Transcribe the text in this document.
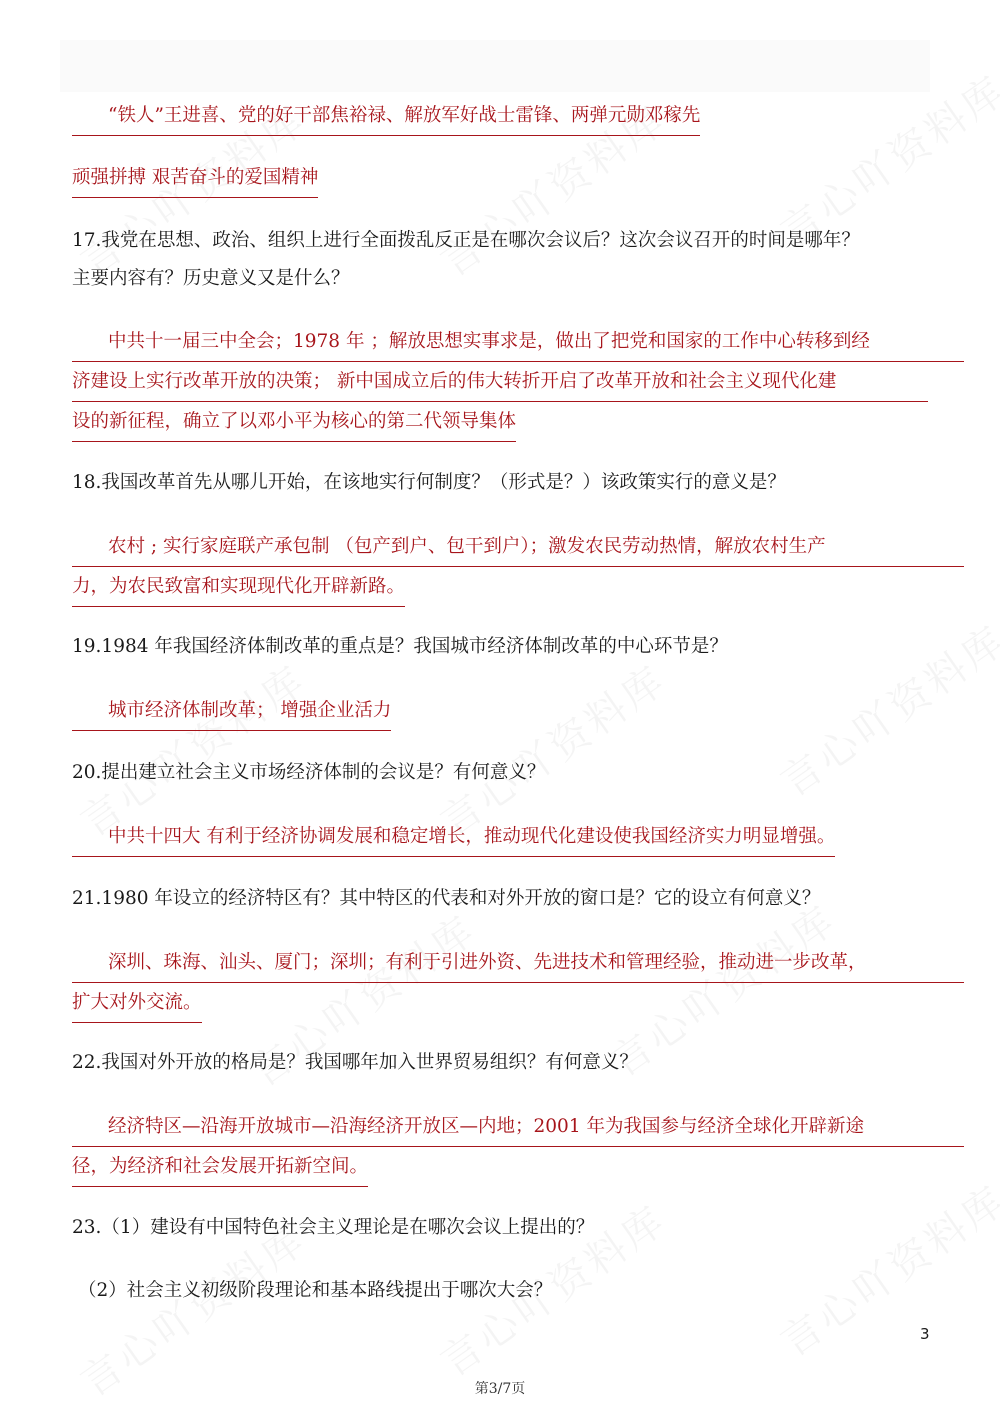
“铁人”王进喜、党的好干部焦裕禄、解放军好战士雷锋、两弹元勋邓稼先
顽强拼搏 艰苦奋斗的爱国精神
17.我党在思想、政治、组织上进行全面拨乱反正是在哪次会议后？这次会议召开的时间是哪年？
主要内容有？历史意义又是什么？
中共十一届三中全会；1978 年 ；解放思想实事求是，做出了把党和国家的工作中心转移到经
济建设上实行改革开放的决策； 新中国成立后的伟大转折开启了改革开放和社会主义现代化建
设的新征程，确立了以邓小平为核心的第二代领导集体
18.我国改革首先从哪儿开始，在该地实行何制度？（形式是？）该政策实行的意义是？
农村 ; 实行家庭联产承包制 （包产到户、包干到户）；激发农民劳动热情，解放农村生产
力，为农民致富和实现现代化开辟新路。
19.1984 年我国经济体制改革的重点是？我国城市经济体制改革的中心环节是？
城市经济体制改革； 增强企业活力
20.提出建立社会主义市场经济体制的会议是？有何意义？
中共十四大 有利于经济协调发展和稳定增长，推动现代化建设使我国经济实力明显增强。
21.1980 年设立的经济特区有？其中特区的代表和对外开放的窗口是？它的设立有何意义？
深圳、珠海、汕头、厦门；深圳；有利于引进外资、先进技术和管理经验，推动进一步改革，
扩大对外交流。
22.我国对外开放的格局是？我国哪年加入世界贸易组织？有何意义？
经济特区—沿海开放城市—沿海经济开放区—内地；2001 年为我国参与经济全球化开辟新途
径，为经济和社会发展开拓新空间。
23.（1）建设有中国特色社会主义理论是在哪次会议上提出的？
（2）社会主义初级阶段理论和基本路线提出于哪次大会？
3
第3/7页
